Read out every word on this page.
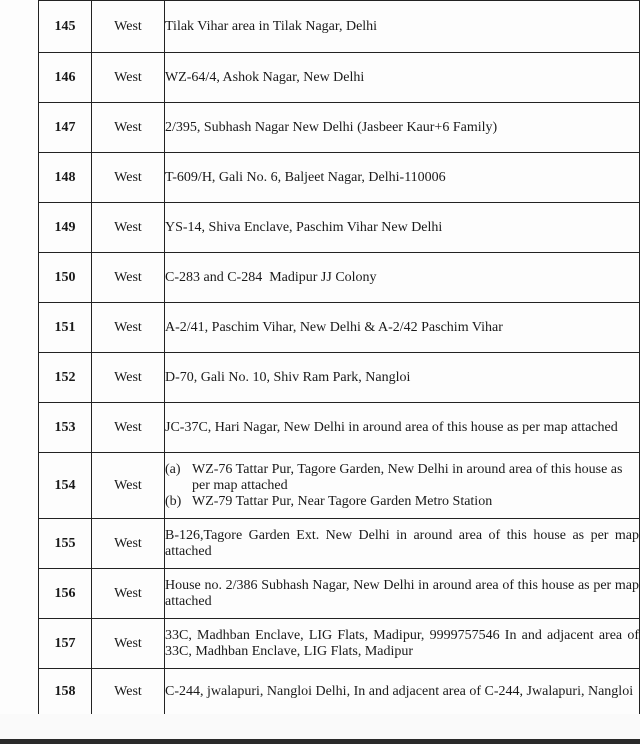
145	West	Tilak Vihar area in Tilak Nagar, Delhi
146	West	WZ-64/4, Ashok Nagar, New Delhi
147	West	2/395, Subhash Nagar New Delhi (Jasbeer Kaur+6 Family)
148	West	T-609/H, Gali No. 6, Baljeet Nagar, Delhi-110006
149	West	YS-14, Shiva Enclave, Paschim Vihar New Delhi
150	West	C-283 and C-284  Madipur JJ Colony
151	West	A-2/41, Paschim Vihar, New Delhi & A-2/42 Paschim Vihar
152	West	D-70, Gali No. 10, Shiv Ram Park, Nangloi
153	West	JC-37C, Hari Nagar, New Delhi in around area of this house as per map attached
154	West	(a) WZ-76 Tattar Pur, Tagore Garden, New Delhi in around area of this house as per map attached
(b) WZ-79 Tattar Pur, Near Tagore Garden Metro Station

155	West	B-126,Tagore Garden Ext. New Delhi in around area of this house as per map attached
156	West	House no. 2/386 Subhash Nagar, New Delhi in around area of this house as per map attached
157	West	33C, Madhban Enclave, LIG Flats, Madipur, 9999757546 In and adjacent area of 33C, Madhban Enclave, LIG Flats, Madipur
158	West	C-244, jwalapuri, Nangloi Delhi, In and adjacent area of C-244, Jwalapuri, Nangloi
